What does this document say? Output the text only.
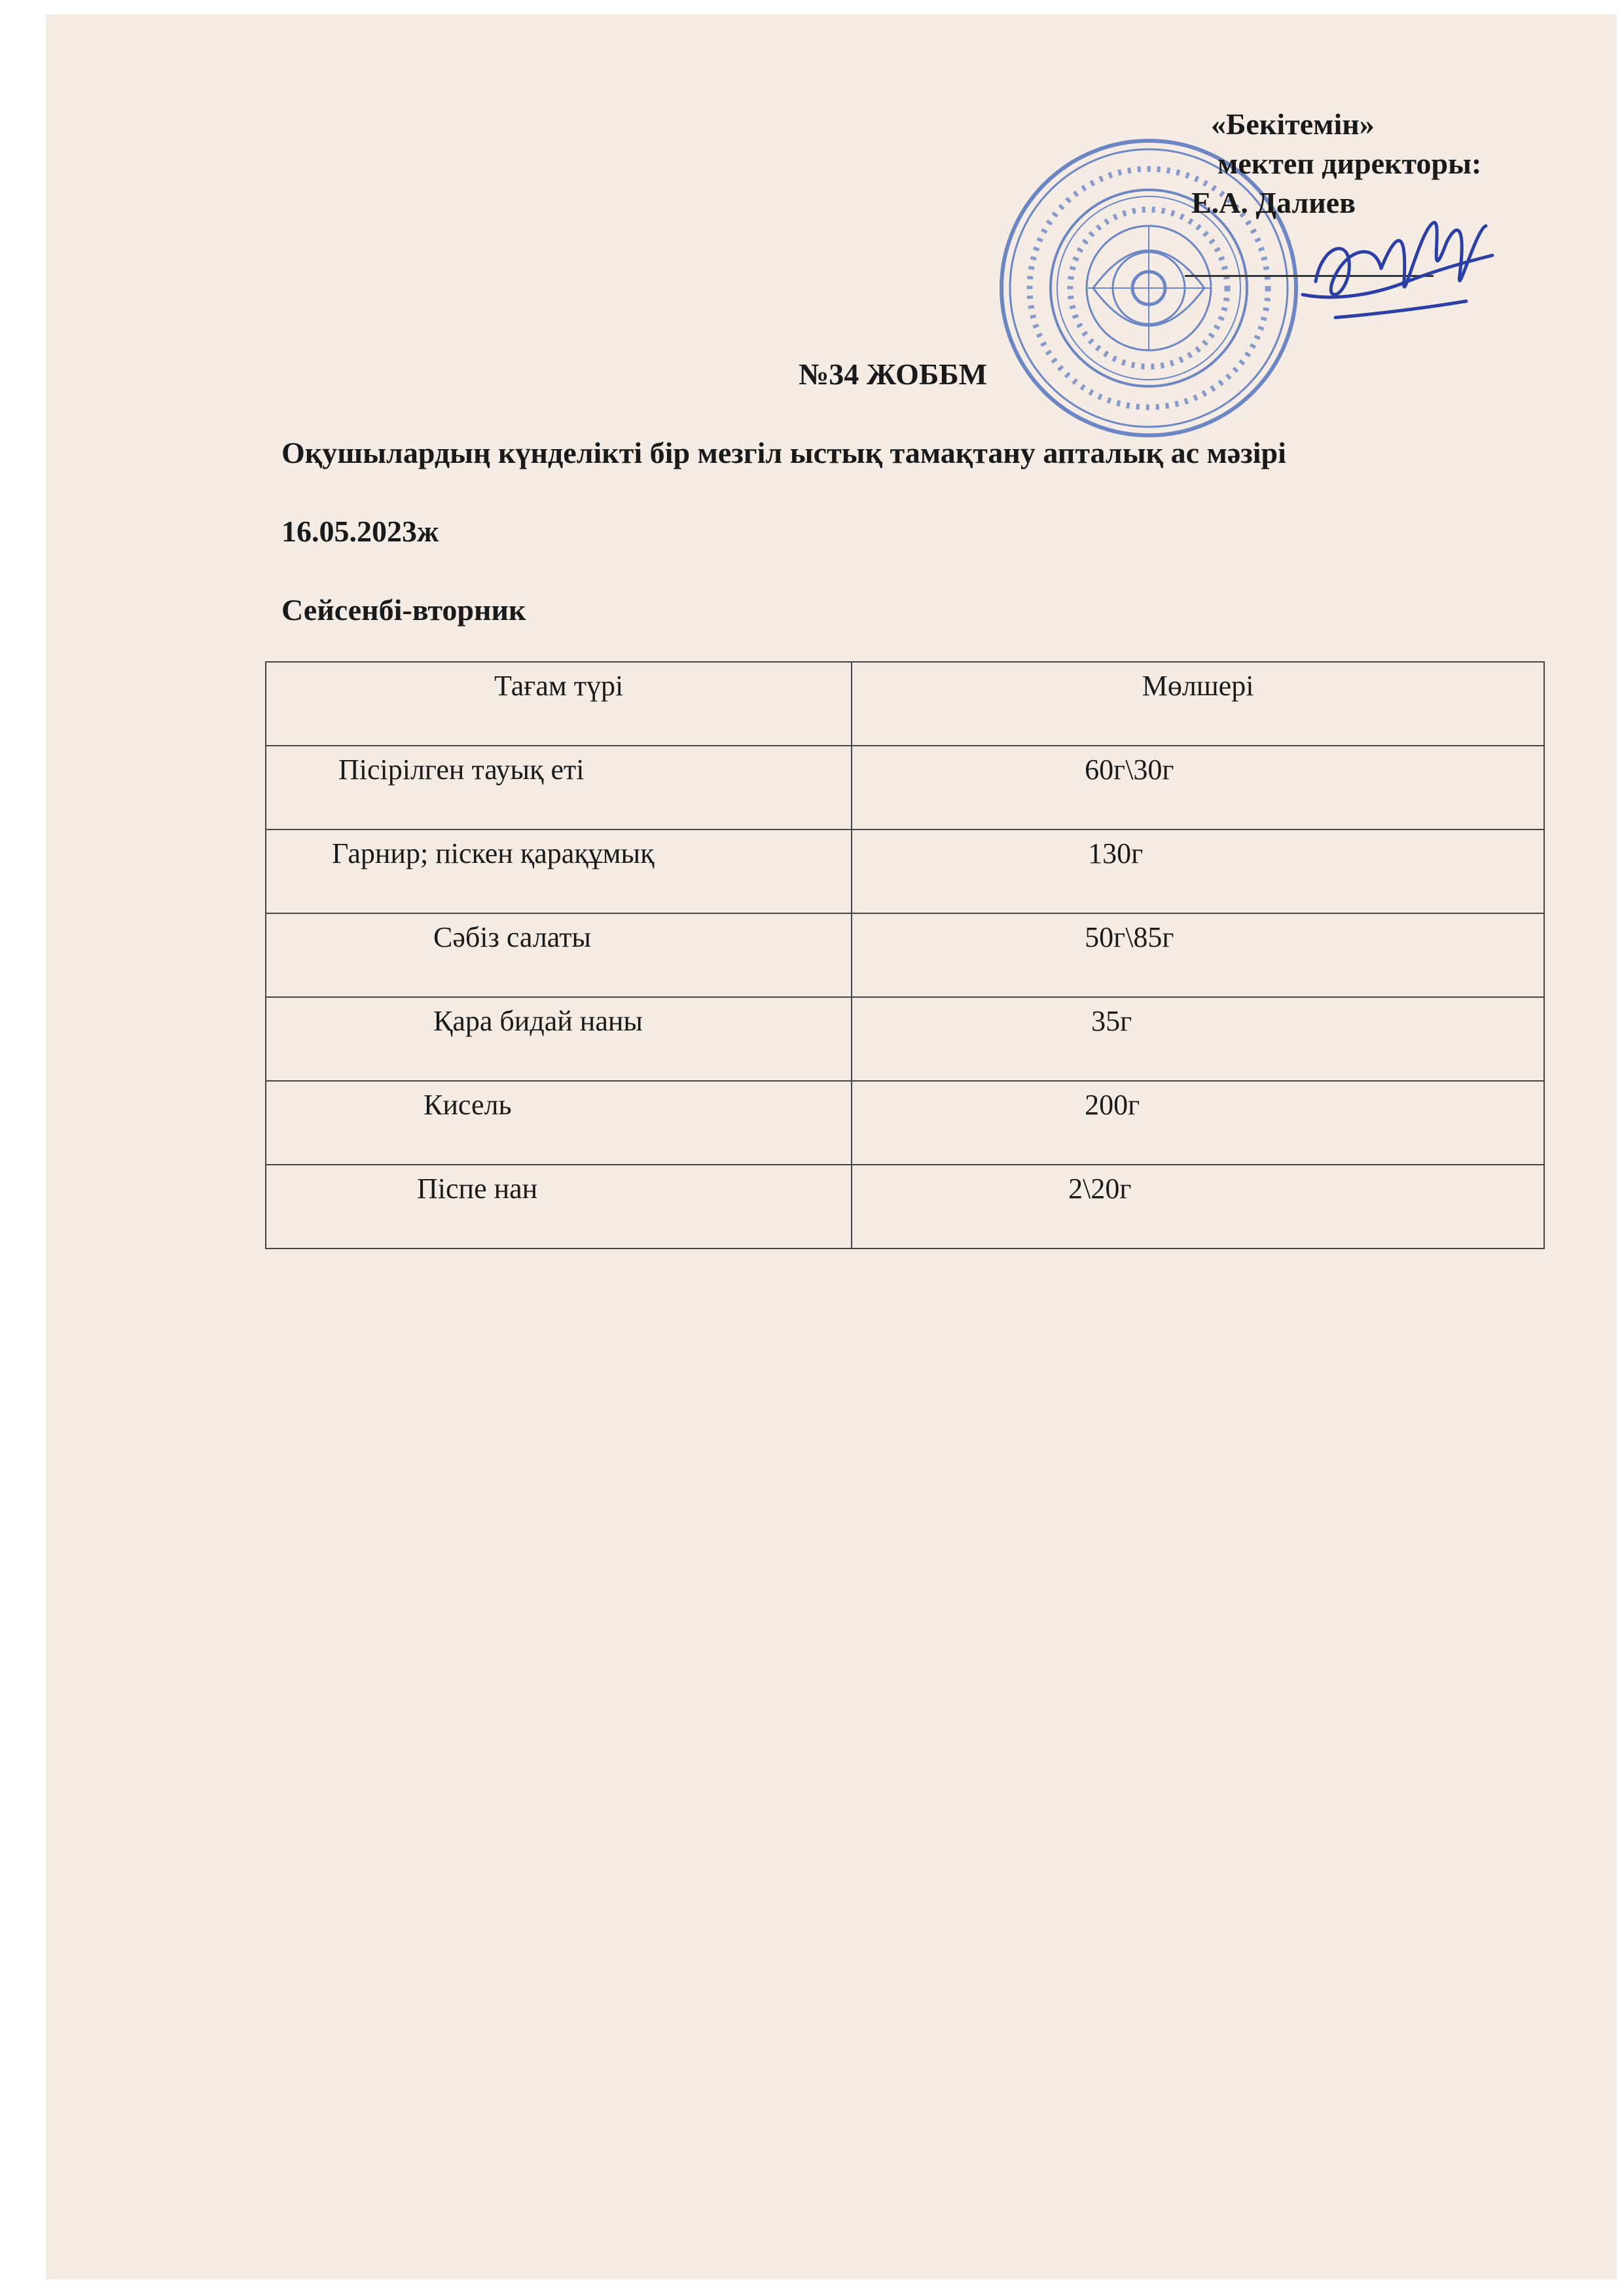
«Бекітемін»
мектеп директоры:
Е.А. Далиев
№34 ЖОББМ
Оқушылардың күнделікті бір мезгіл ыстық тамақтану апталық ас мәзірі
16.05.2023ж
Сейсенбі-вторник
Тағам түрі	Мөлшері
Пісірілген тауық еті	60г\30г
Гарнир; піскен қарақұмық	130г
Сәбіз салаты	50г\85г
Қара бидай наны	35г
Кисель	200г
Піспе нан	2\20г
